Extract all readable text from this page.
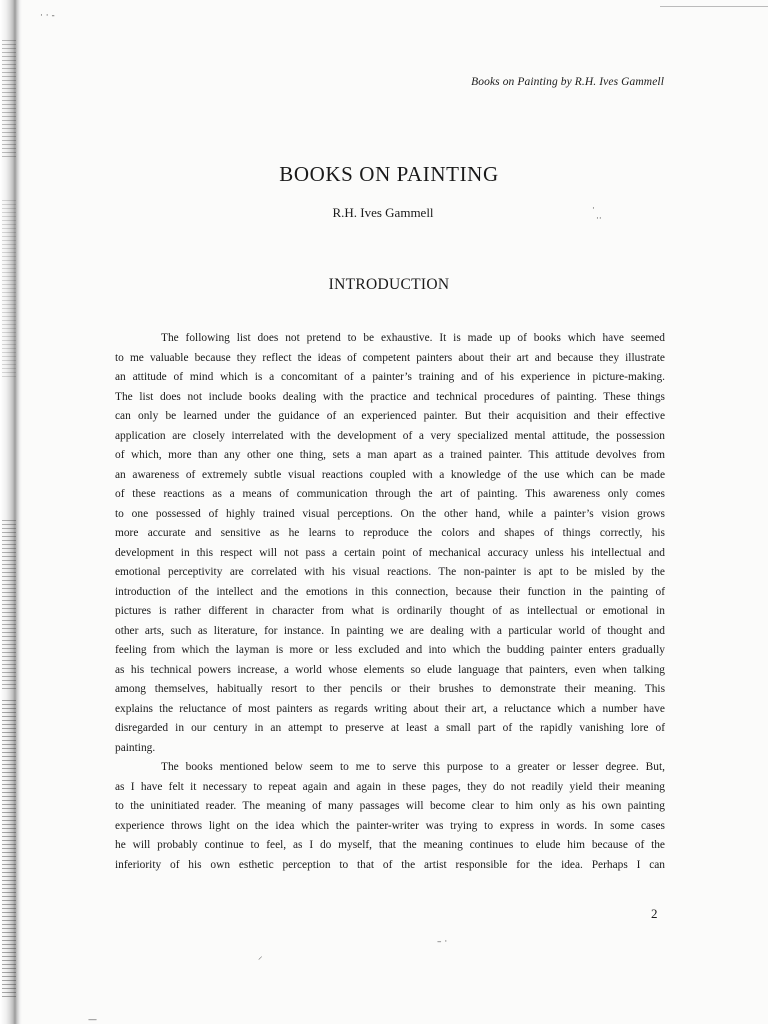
· · -
·
··
– ·
⸝
—
Books on Painting by R.H. Ives Gammell
BOOKS ON PAINTING
R.H. Ives Gammell
INTRODUCTION
The following list does not pretend to be exhaustive. It is made up of books which have seemed
to me valuable because they reflect the ideas of competent painters about their art and because they illustrate
an attitude of mind which is a concomitant of a painter’s training and of his experience in picture-making.
The list does not include books dealing with the practice and technical procedures of painting. These things
can only be learned under the guidance of an experienced painter. But their acquisition and their effective
application are closely interrelated with the development of a very specialized mental attitude, the possession
of which, more than any other one thing, sets a man apart as a trained painter. This attitude devolves from
an awareness of extremely subtle visual reactions coupled with a knowledge of the use which can be made
of these reactions as a means of communication through the art of painting. This awareness only comes
to one possessed of highly trained visual perceptions. On the other hand, while a painter’s vision grows
more accurate and sensitive as he learns to reproduce the colors and shapes of things correctly, his
development in this respect will not pass a certain point of mechanical accuracy unless his intellectual and
emotional perceptivity are correlated with his visual reactions. The non-painter is apt to be misled by the
introduction of the intellect and the emotions in this connection, because their function in the painting of
pictures is rather different in character from what is ordinarily thought of as intellectual or emotional in
other arts, such as literature, for instance. In painting we are dealing with a particular world of thought and
feeling from which the layman is more or less excluded and into which the budding painter enters gradually
as his technical powers increase, a world whose elements so elude language that painters, even when talking
among themselves, habitually resort to ther pencils or their brushes to demonstrate their meaning. This
explains the reluctance of most painters as regards writing about their art, a reluctance which a number have
disregarded in our century in an attempt to preserve at least a small part of the rapidly vanishing lore of
painting.
The books mentioned below seem to me to serve this purpose to a greater or lesser degree. But,
as I have felt it necessary to repeat again and again in these pages, they do not readily yield their meaning
to the uninitiated reader. The meaning of many passages will become clear to him only as his own painting
experience throws light on the idea which the painter-writer was trying to express in words. In some cases
he will probably continue to feel, as I do myself, that the meaning continues to elude him because of the
inferiority of his own esthetic perception to that of the artist responsible for the idea. Perhaps I can
2
